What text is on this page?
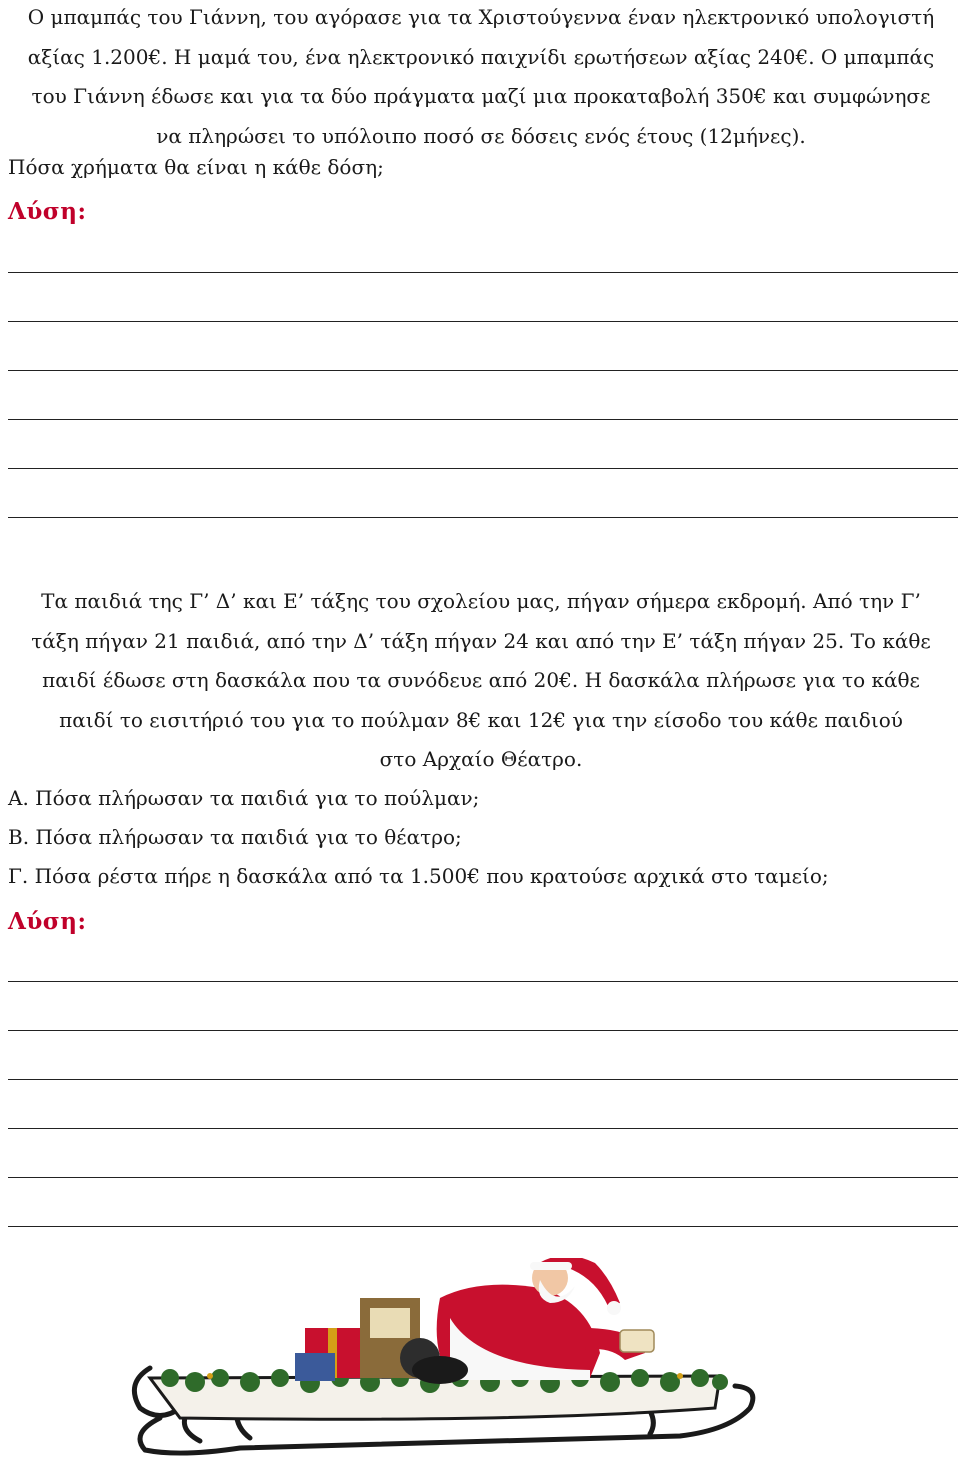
Ο μπαμπάς του Γιάννη, του αγόρασε για τα Χριστούγεννα έναν ηλεκτρονικό υπολογιστή
αξίας 1.200€. Η μαμά του, ένα ηλεκτρονικό παιχνίδι ερωτήσεων αξίας 240€. Ο μπαμπάς
του Γιάννη έδωσε και για τα δύο πράγματα μαζί μια προκαταβολή 350€ και συμφώνησε
να πληρώσει το υπόλοιπο ποσό σε δόσεις ενός έτους (12μήνες).

Πόσα χρήματα θα είναι η κάθε δόση;

Λύση:

Τα παιδιά της Γ’ Δ’ και Ε’ τάξης του σχολείου μας, πήγαν σήμερα εκδρομή. Από την Γ’
τάξη πήγαν 21 παιδιά, από την Δ’ τάξη πήγαν 24 και από την Ε’ τάξη πήγαν 25. Το κάθε
παιδί έδωσε στη δασκάλα που τα συνόδευε από 20€. Η δασκάλα πλήρωσε για το κάθε
παιδί το εισιτήριό του για το πούλμαν 8€ και 12€ για την είσοδο του κάθε παιδιού
στο Αρχαίο Θέατρο.

Α. Πόσα πλήρωσαν τα παιδιά για το πούλμαν;

Β. Πόσα πλήρωσαν τα παιδιά για το θέατρο;

Γ. Πόσα ρέστα πήρε η δασκάλα από τα 1.500€ που κρατούσε αρχικά στο ταμείο;

Λύση:
